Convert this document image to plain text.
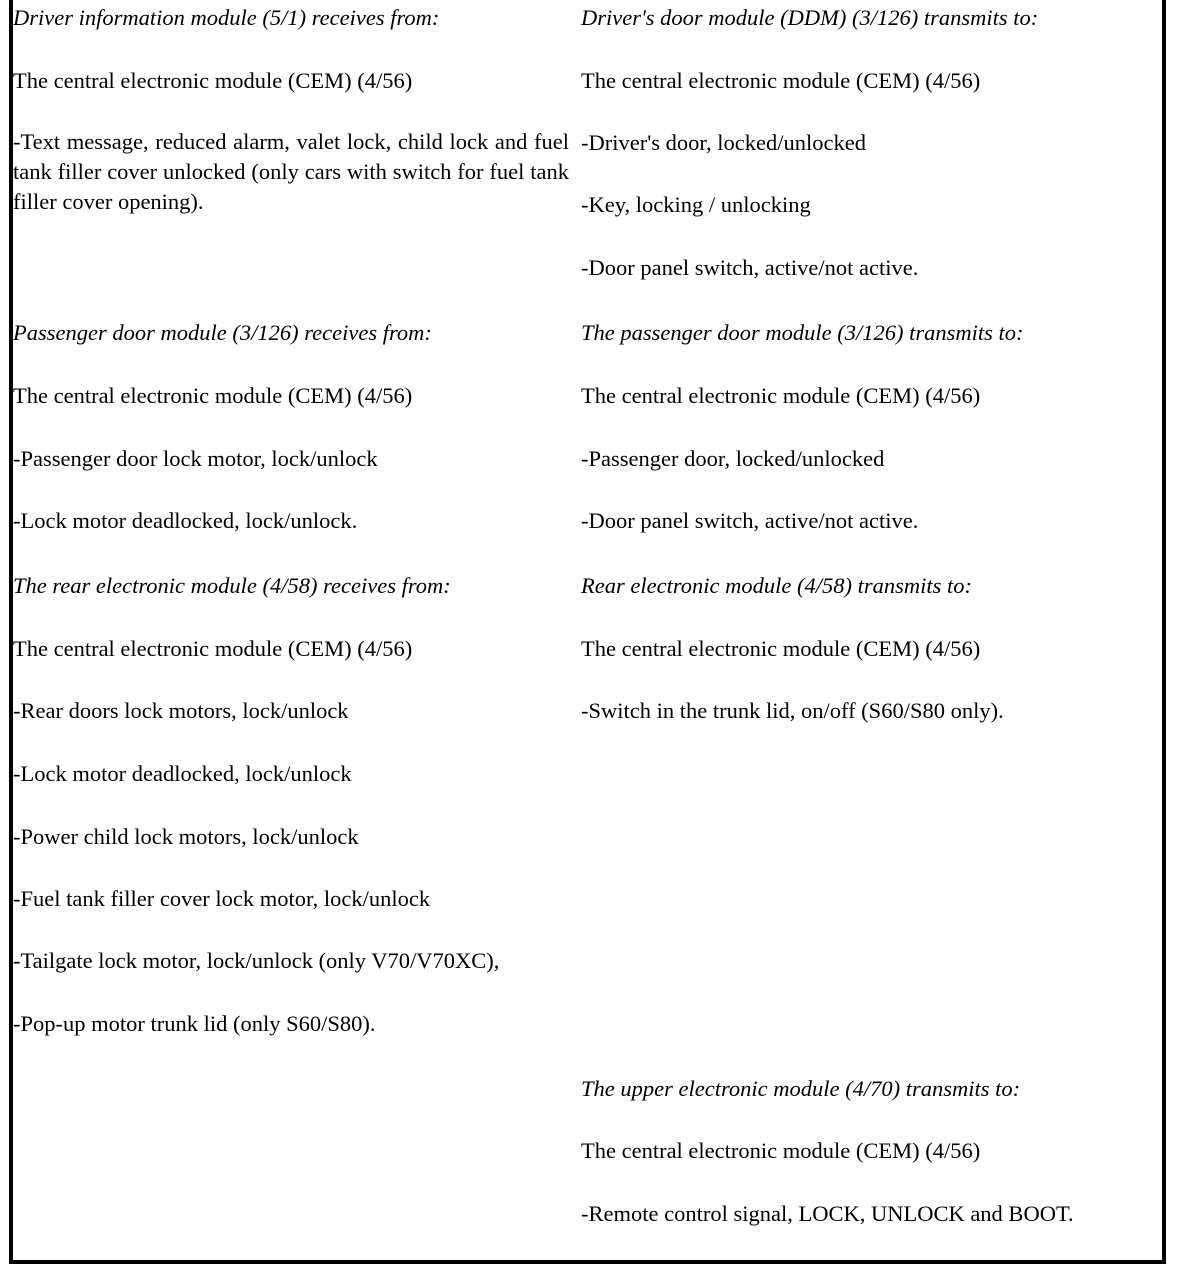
Driver information module (5/1) receives from:

The central electronic module (CEM) (4/56)

-Text message, reduced alarm, valet lock, child lock and fuel tank filler cover unlocked (only cars with switch for fuel tank filler cover opening).

Passenger door module (3/126) receives from:

The central electronic module (CEM) (4/56)

-Passenger door lock motor, lock/unlock

-Lock motor deadlocked, lock/unlock.

The rear electronic module (4/58) receives from:

The central electronic module (CEM) (4/56)

-Rear doors lock motors, lock/unlock

-Lock motor deadlocked, lock/unlock

-Power child lock motors, lock/unlock

-Fuel tank filler cover lock motor, lock/unlock

-Tailgate lock motor, lock/unlock (only V70/V70XC),

-Pop-up motor trunk lid (only S60/S80).

Driver's door module (DDM) (3/126) transmits to:

The central electronic module (CEM) (4/56)

-Driver's door, locked/unlocked

-Key, locking / unlocking

-Door panel switch, active/not active.

The passenger door module (3/126) transmits to:

The central electronic module (CEM) (4/56)

-Passenger door, locked/unlocked

-Door panel switch, active/not active.

Rear electronic module (4/58) transmits to:

The central electronic module (CEM) (4/56)

-Switch in the trunk lid, on/off (S60/S80 only).

The upper electronic module (4/70) transmits to:

The central electronic module (CEM) (4/56)

-Remote control signal, LOCK, UNLOCK and BOOT.
